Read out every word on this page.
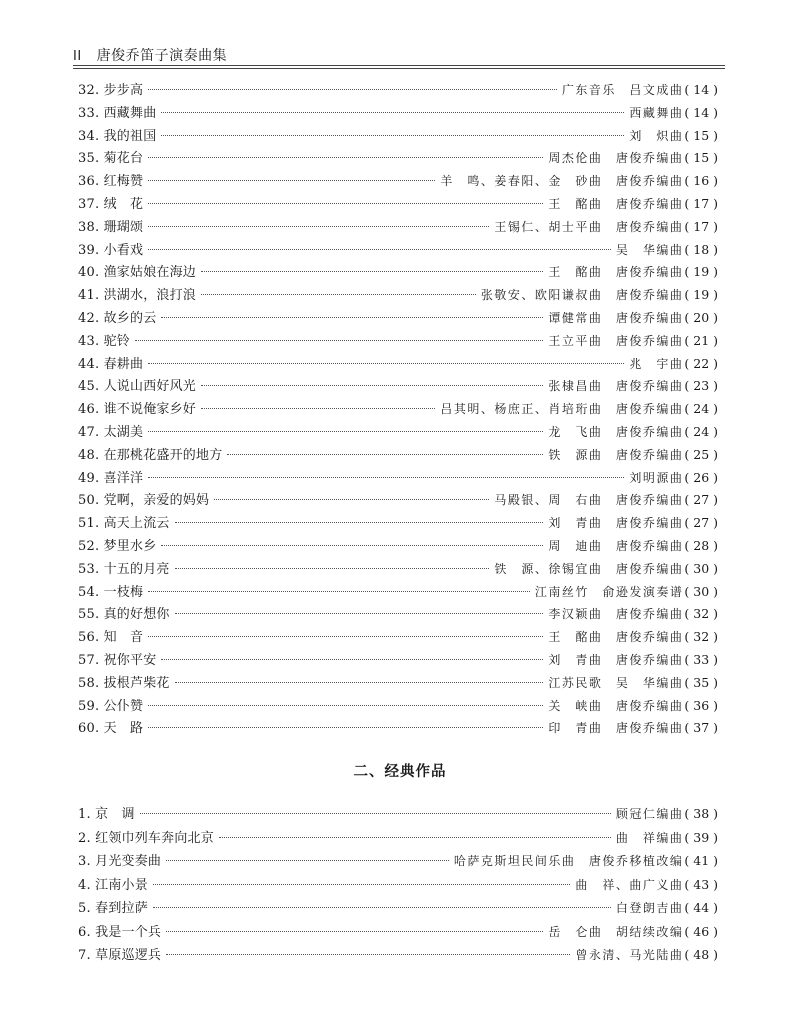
II 唐俊乔笛子演奏曲集
32. 步步高	广东音乐　吕文成曲 ( 14 )
33. 西藏舞曲	西藏舞曲 ( 14 )
34. 我的祖国	刘　炽曲 ( 15 )
35. 菊花台	周杰伦曲　唐俊乔编曲 ( 15 )
36. 红梅赞	羊　鸣、姜春阳、金　砂曲　唐俊乔编曲 ( 16 )
37. 绒　花	王　酩曲　唐俊乔编曲 ( 17 )
38. 珊瑚颂	王锡仁、胡士平曲　唐俊乔编曲 ( 17 )
39. 小看戏	吴　华编曲 ( 18 )
40. 渔家姑娘在海边	王　酩曲　唐俊乔编曲 ( 19 )
41. 洪湖水，浪打浪	张敬安、欧阳谦叔曲　唐俊乔编曲 ( 19 )
42. 故乡的云	谭健常曲　唐俊乔编曲 ( 20 )
43. 驼铃	王立平曲　唐俊乔编曲 ( 21 )
44. 春耕曲	兆　宇曲 ( 22 )
45. 人说山西好风光	张棣昌曲　唐俊乔编曲 ( 23 )
46. 谁不说俺家乡好	吕其明、杨庶正、肖培珩曲　唐俊乔编曲 ( 24 )
47. 太湖美	龙　飞曲　唐俊乔编曲 ( 24 )
48. 在那桃花盛开的地方	铁　源曲　唐俊乔编曲 ( 25 )
49. 喜洋洋	刘明源曲 ( 26 )
50. 党啊，亲爱的妈妈	马殿银、周　右曲　唐俊乔编曲 ( 27 )
51. 高天上流云	刘　青曲　唐俊乔编曲 ( 27 )
52. 梦里水乡	周　迪曲　唐俊乔编曲 ( 28 )
53. 十五的月亮	铁　源、徐锡宜曲　唐俊乔编曲 ( 30 )
54. 一枝梅	江南丝竹　俞逊发演奏谱 ( 30 )
55. 真的好想你	李汉颖曲　唐俊乔编曲 ( 32 )
56. 知　音	王　酩曲　唐俊乔编曲 ( 32 )
57. 祝你平安	刘　青曲　唐俊乔编曲 ( 33 )
58. 拔根芦柴花	江苏民歌　吴　华编曲 ( 35 )
59. 公仆赞	关　峡曲　唐俊乔编曲 ( 36 )
60. 天　路	印　青曲　唐俊乔编曲 ( 37 )
二、经典作品
1. 京　调	顾冠仁编曲 ( 38 )
2. 红领巾列车奔向北京	曲　祥编曲 ( 39 )
3. 月光变奏曲	哈萨克斯坦民间乐曲　唐俊乔移植改编 ( 41 )
4. 江南小景	曲　祥、曲广义曲 ( 43 )
5. 春到拉萨	白登朗吉曲 ( 44 )
6. 我是一个兵	岳　仑曲　胡结续改编 ( 46 )
7. 草原巡逻兵	曾永清、马光陆曲 ( 48 )
